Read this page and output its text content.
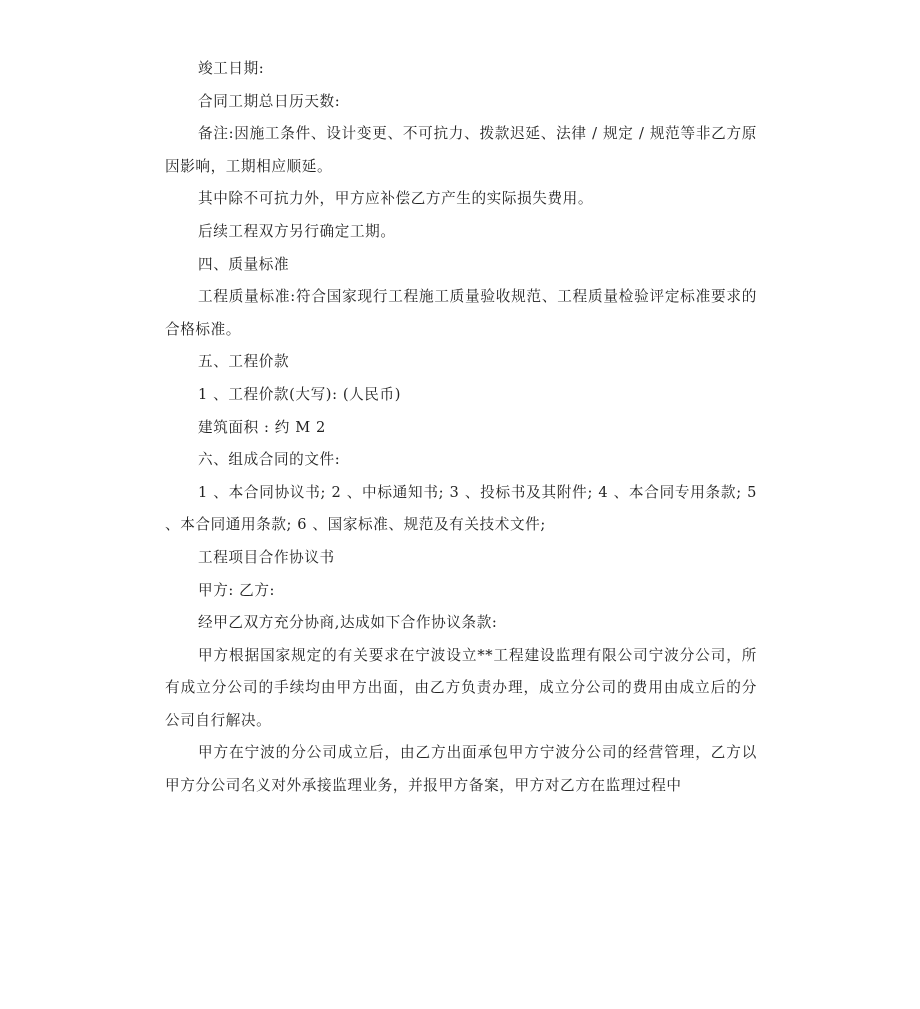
竣工日期:

合同工期总日历天数:

备注:因施工条件、设计变更、不可抗力、拨款迟延、法律 / 规定 / 规范等非乙方原因影响，工期相应顺延。

其中除不可抗力外，甲方应补偿乙方产生的实际损失费用。

后续工程双方另行确定工期。

四、质量标准

工程质量标准:符合国家现行工程施工质量验收规范、工程质量检验评定标准要求的合格标准。

五、工程价款

1 、工程价款(大写): (人民币)

建筑面积 : 约 M 2

六、组成合同的文件:

1 、本合同协议书; 2 、中标通知书; 3 、投标书及其附件; 4 、本合同专用条款; 5 、本合同通用条款; 6 、国家标准、规范及有关技术文件;

工程项目合作协议书

甲方: 乙方:

经甲乙双方充分协商,达成如下合作协议条款:

甲方根据国家规定的有关要求在宁波设立**工程建设监理有限公司宁波分公司，所有成立分公司的手续均由甲方出面，由乙方负责办理，成立分公司的费用由成立后的分公司自行解决。

甲方在宁波的分公司成立后，由乙方出面承包甲方宁波分公司的经营管理，乙方以甲方分公司名义对外承接监理业务，并报甲方备案，甲方对乙方在监理过程中
